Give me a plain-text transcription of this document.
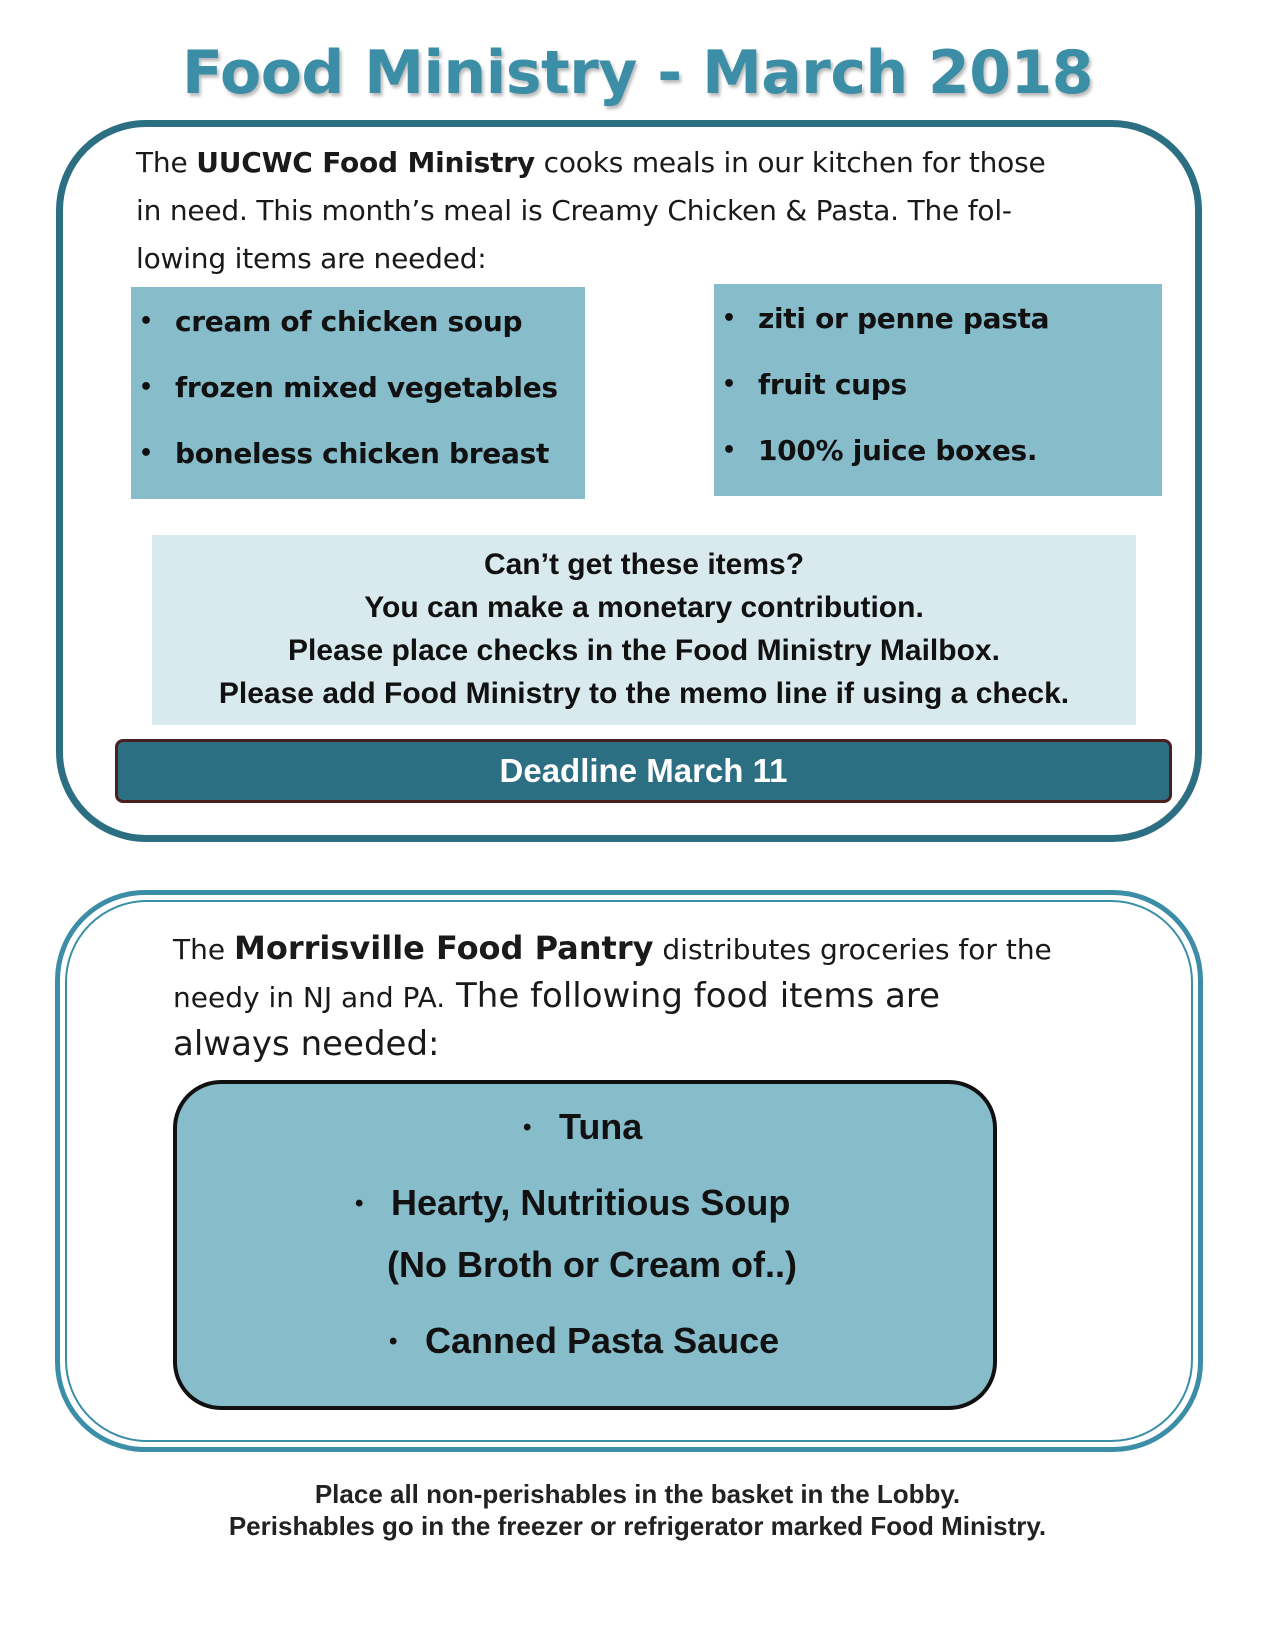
Food Ministry - March 2018
The UUCWC Food Ministry cooks meals in our kitchen for those
in need. This month’s meal is Creamy Chicken & Pasta. The fol-
lowing items are needed:
• cream of chicken soup
• frozen mixed vegetables
• boneless chicken breast
• ziti or penne pasta
• fruit cups
• 100% juice boxes.
Can’t get these items?
You can make a monetary contribution.
Please place checks in the Food Ministry Mailbox.
Please add Food Ministry to the memo line if using a check.
Deadline March 11
The Morrisville Food Pantry distributes groceries for the
needy in NJ and PA. The following food items are
always needed:
• Tuna
• Hearty, Nutritious Soup
(No Broth or Cream of..)
• Canned Pasta Sauce
Place all non-perishables in the basket in the Lobby.
Perishables go in the freezer or refrigerator marked Food Ministry.
